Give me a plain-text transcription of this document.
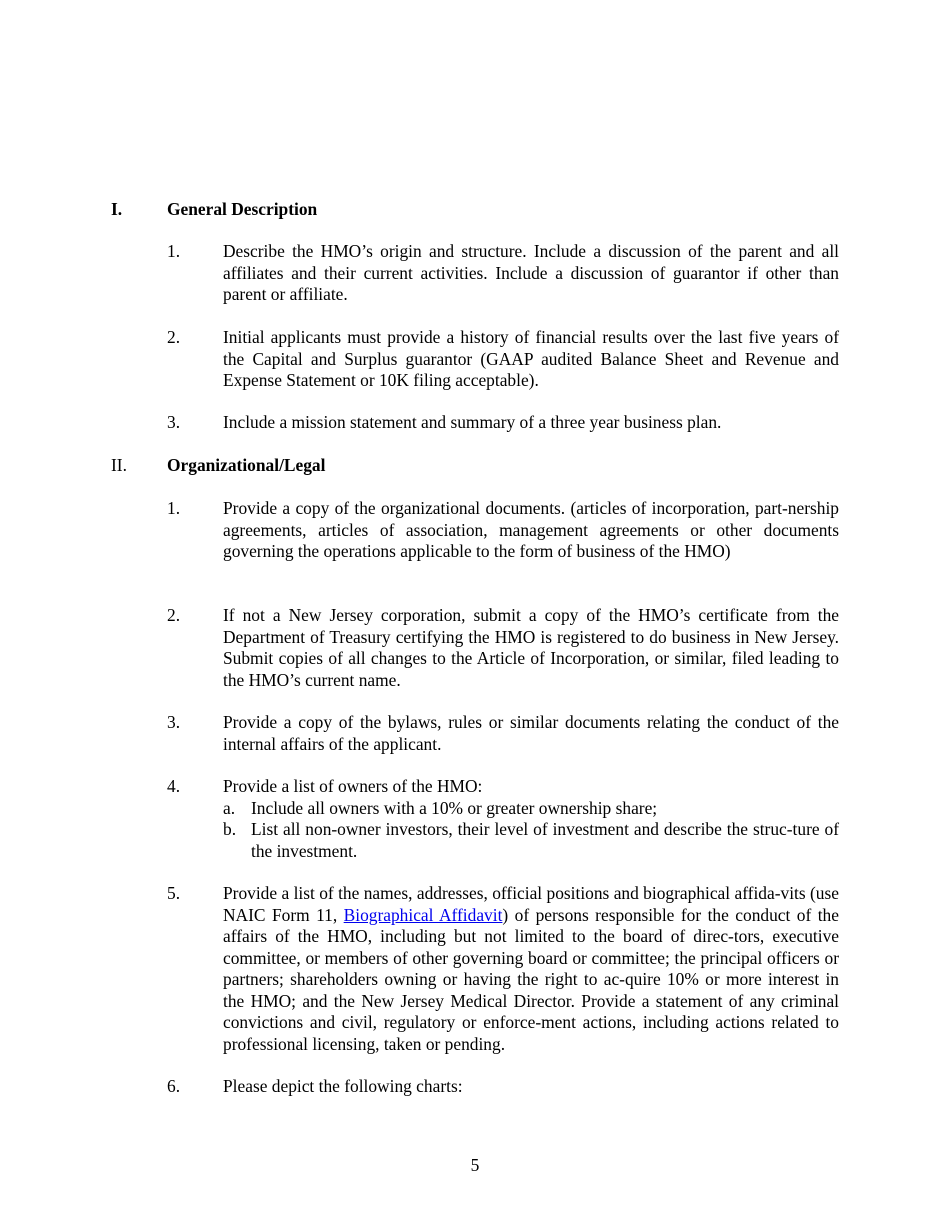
I.	General Description
1. Describe the HMO’s origin and structure. Include a discussion of the parent and all affiliates and their current activities. Include a discussion of guarantor if other than parent or affiliate.
2. Initial applicants must provide a history of financial results over the last five years of the Capital and Surplus guarantor (GAAP audited Balance Sheet and Revenue and Expense Statement or 10K filing acceptable).
3. Include a mission statement and summary of a three year business plan.
II. Organizational/Legal
1. Provide a copy of the organizational documents. (articles of incorporation, part-nership agreements, articles of association, management agreements or other documents governing the operations applicable to the form of business of the HMO)
2. If not a New Jersey corporation, submit a copy of the HMO’s certificate from the Department of Treasury certifying the HMO is registered to do business in New Jersey. Submit copies of all changes to the Article of Incorporation, or similar, filed leading to the HMO’s current name.
3. Provide a copy of the bylaws, rules or similar documents relating the conduct of the internal affairs of the applicant.
4. Provide a list of owners of the HMO:
a. Include all owners with a 10% or greater ownership share;
b. List all non-owner investors, their level of investment and describe the struc-ture of the investment.
5. Provide a list of the names, addresses, official positions and biographical affida-vits (use NAIC Form 11, Biographical Affidavit) of persons responsible for the conduct of the affairs of the HMO, including but not limited to the board of direc-tors, executive committee, or members of other governing board or committee; the principal officers or partners; shareholders owning or having the right to ac-quire 10% or more interest in the HMO; and the New Jersey Medical Director. Provide a statement of any criminal convictions and civil, regulatory or enforce-ment actions, including actions related to professional licensing, taken or pending.
6. Please depict the following charts:
5
